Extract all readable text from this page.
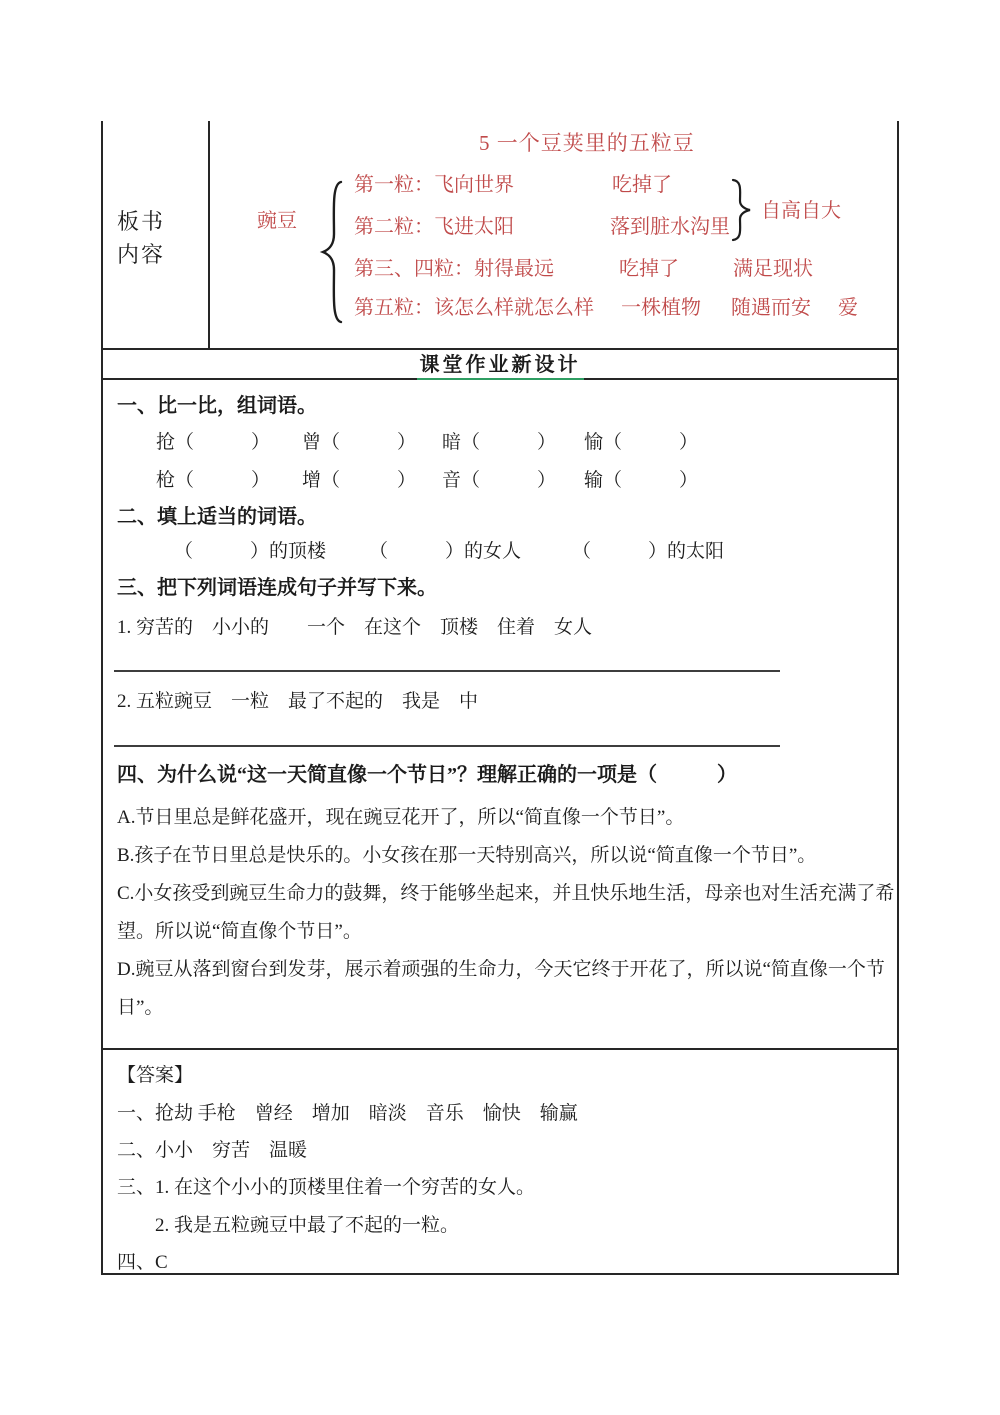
板书
内容
5 一个豆荚里的五粒豆
豌豆
第一粒：飞向世界	吃掉了
第二粒：飞进太阳	落到脏水沟里
第三、四粒：射得最远	吃掉了	满足现状
第五粒：该怎么样就怎么样 一株植物 随遇而安 爱
自高自大
课堂作业新设计
一、比一比，组词语。
抢（　　　） 曾（　　　） 暗（　　　） 愉（　　　）
枪（　　　） 增（　　　） 音（　　　） 输（　　　）
二、填上适当的词语。
（　　　）的顶楼 （　　　）的女人	（　　　）的太阳
三、把下列词语连成句子并写下来。
1. 穷苦的　小小的　　一个　在这个　顶楼　住着　女人
2. 五粒豌豆　一粒　最了不起的　我是　中
四、为什么说“这一天简直像一个节日”？理解正确的一项是（　　　）

A.节日里总是鲜花盛开，现在豌豆花开了，所以“简直像一个节日”。

B.孩子在节日里总是快乐的。小女孩在那一天特别高兴，所以说“简直像一个节日”。

C.小女孩受到豌豆生命力的鼓舞，终于能够坐起来，并且快乐地生活，母亲也对生活充满了希望。所以说“简直像个节日”。

D.豌豆从落到窗台到发芽，展示着顽强的生命力，今天它终于开花了，所以说“简直像一个节日”。

【答案】
一、抢劫 手枪　曾经　增加　暗淡　音乐　愉快　输赢
二、小小　穷苦　温暖
三、1. 在这个小小的顶楼里住着一个穷苦的女人。
2. 我是五粒豌豆中最了不起的一粒。
四、C
